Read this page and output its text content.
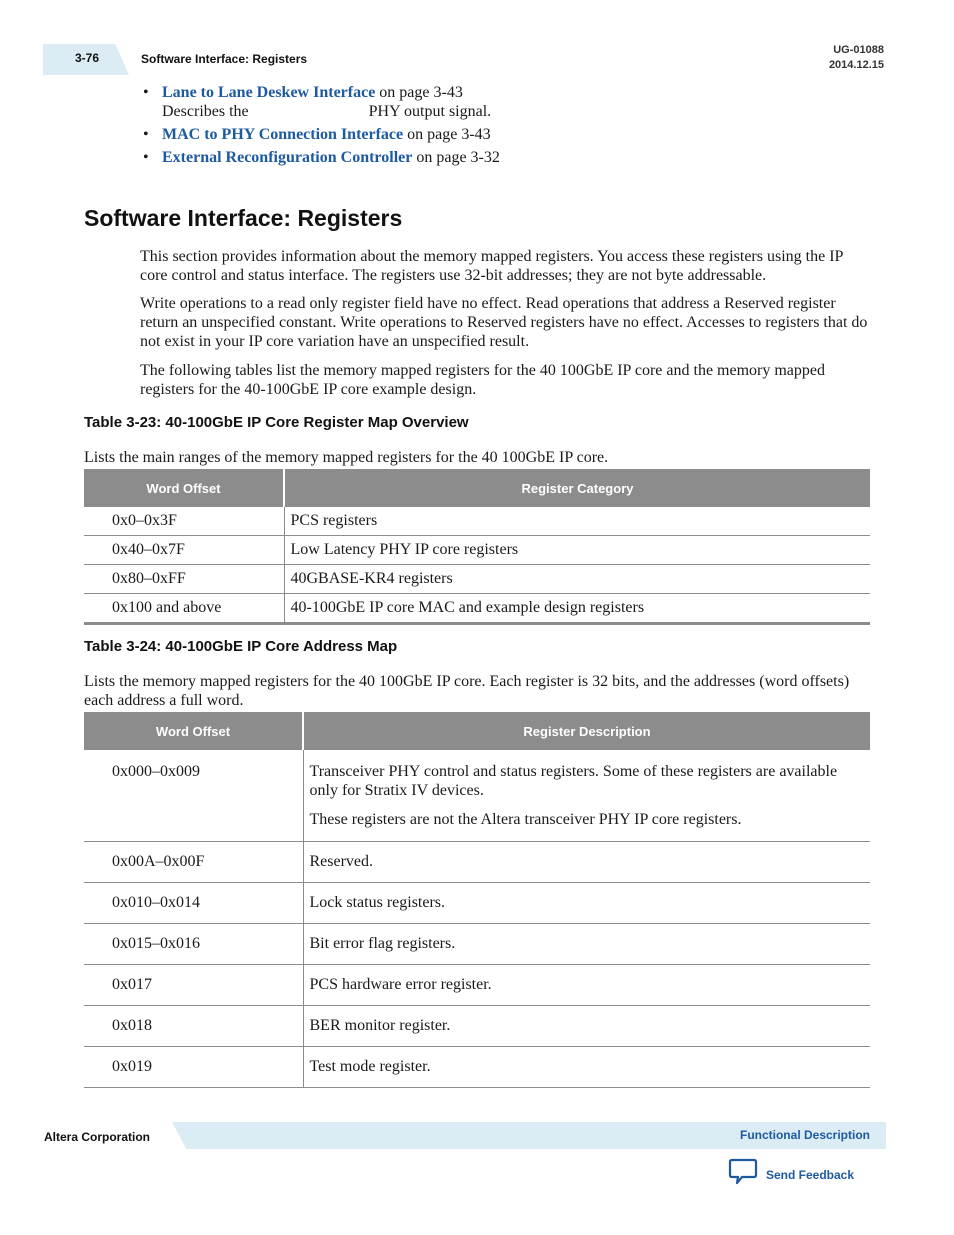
3-76	Software Interface: Registers
UG-01088
2014.12.15
• Lane to Lane Deskew Interface on page 3-43
Describes the                              PHY output signal.
• MAC to PHY Connection Interface on page 3-43
• External Reconfiguration Controller on page 3-32
Software Interface: Registers

This section provides information about the memory mapped registers. You access these registers using the IP core control and status interface. The registers use 32-bit addresses; they are not byte addressable.

Write operations to a read only register field have no effect. Read operations that address a Reserved register return an unspecified constant. Write operations to Reserved registers have no effect. Accesses to registers that do not exist in your IP core variation have an unspecified result.

The following tables list the memory mapped registers for the 40 100GbE IP core and the memory mapped registers for the 40-100GbE IP core example design.

Table 3-23: 40-100GbE IP Core Register Map Overview

Lists the main ranges of the memory mapped registers for the 40 100GbE IP core.

Word Offset	Register Category
0x0–0x3F	PCS registers
0x40–0x7F	Low Latency PHY IP core registers
0x80–0xFF	40GBASE-KR4 registers
0x100 and above	40-100GbE IP core MAC and example design registers

Table 3-24: 40-100GbE IP Core Address Map

Lists the memory mapped registers for the 40 100GbE IP core. Each register is 32 bits, and the addresses (word offsets) each address a full word.

Word Offset	Register Description
0x000–0x009	Transceiver PHY control and status registers. Some of these registers are available only for Stratix IV devices.

These registers are not the Altera transceiver PHY IP core registers.

0x00A–0x00F	Reserved.
0x010–0x014	Lock status registers.
0x015–0x016	Bit error flag registers.
0x017	PCS hardware error register.
0x018	BER monitor register.
0x019	Test mode register.
Altera Corporation	Functional Description
Send Feedback
